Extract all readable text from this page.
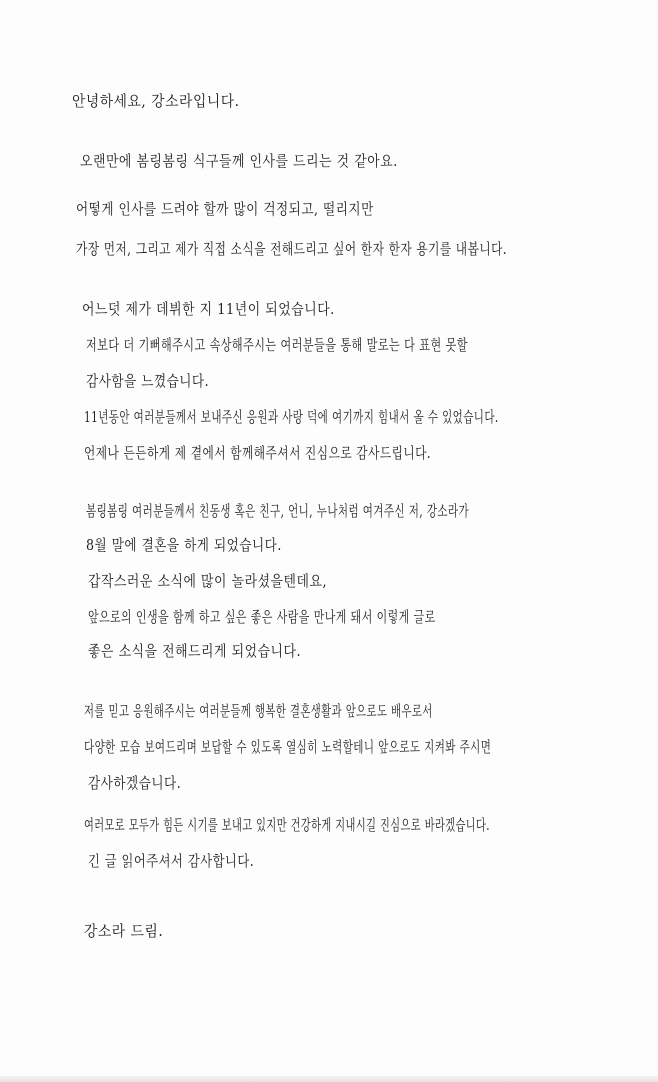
안녕하세요, 강소라입니다.
오랜만에 봄링봄링 식구들께 인사를 드리는 것 같아요.
어떻게 인사를 드려야 할까 많이 걱정되고, 떨리지만
가장 먼저, 그리고 제가 직접 소식을 전해드리고 싶어 한자 한자 용기를 내봅니다.
어느덧 제가 데뷔한 지 11년이 되었습니다.
저보다 더 기뻐해주시고 속상해주시는 여러분들을 통해 말로는 다 표현 못할
감사함을 느꼈습니다.
11년동안 여러분들께서 보내주신 응원과 사랑 덕에 여기까지 힘내서 올 수 있었습니다.
언제나 든든하게 제 곁에서 함께해주셔서 진심으로 감사드립니다.
봄링봄링 여러분들께서 친동생 혹은 친구, 언니, 누나처럼 여겨주신 저, 강소라가
8월 말에 결혼을 하게 되었습니다.
갑작스러운 소식에 많이 놀라셨을텐데요,
앞으로의 인생을 함께 하고 싶은 좋은 사람을 만나게 돼서 이렇게 글로
좋은 소식을 전해드리게 되었습니다.
저를 믿고 응원해주시는 여러분들께 행복한 결혼생활과 앞으로도 배우로서
다양한 모습 보여드리며 보답할 수 있도록 열심히 노력할테니 앞으로도 지켜봐 주시면
감사하겠습니다.
여러모로 모두가 힘든 시기를 보내고 있지만 건강하게 지내시길 진심으로 바라겠습니다.
긴 글 읽어주셔서 감사합니다.
강소라 드림.
